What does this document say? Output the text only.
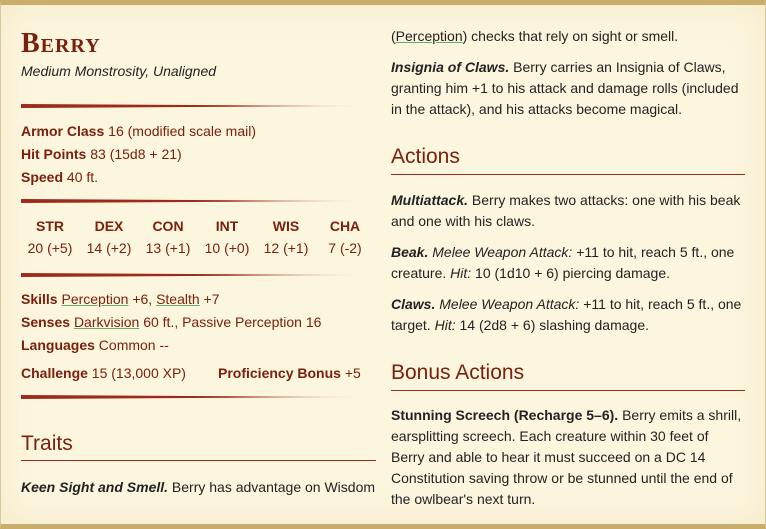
Berry
Medium Monstrosity, Unaligned
Armor Class 16 (modified scale mail)
Hit Points 83 (15d8 + 21)
Speed 40 ft.
STR
20 (+5)
DEX
14 (+2)
CON
13 (+1)
INT
10 (+0)
WIS
12 (+1)
CHA
7 (-2)
Skills Perception +6, Stealth +7
Senses Darkvision 60 ft., Passive Perception 16
Languages Common --
Challenge 15 (13,000 XP) Proficiency Bonus +5
Traits
Keen Sight and Smell. Berry has advantage on Wisdom
(Perception) checks that rely on sight or smell.
Insignia of Claws. Berry carries an Insignia of Claws,
granting him +1 to his attack and damage rolls (included
in the attack), and his attacks become magical.
Actions
Multiattack. Berry makes two attacks: one with his beak
and one with his claws.
Beak. Melee Weapon Attack: +11 to hit, reach 5 ft., one
creature. Hit: 10 (1d10 + 6) piercing damage.
Claws. Melee Weapon Attack: +11 to hit, reach 5 ft., one
target. Hit: 14 (2d8 + 6) slashing damage.
Bonus Actions
Stunning Screech (Recharge 5–6). Berry emits a shrill,
earsplitting screech. Each creature within 30 feet of
Berry and able to hear it must succeed on a DC 14
Constitution saving throw or be stunned until the end of
the owlbear's next turn.
